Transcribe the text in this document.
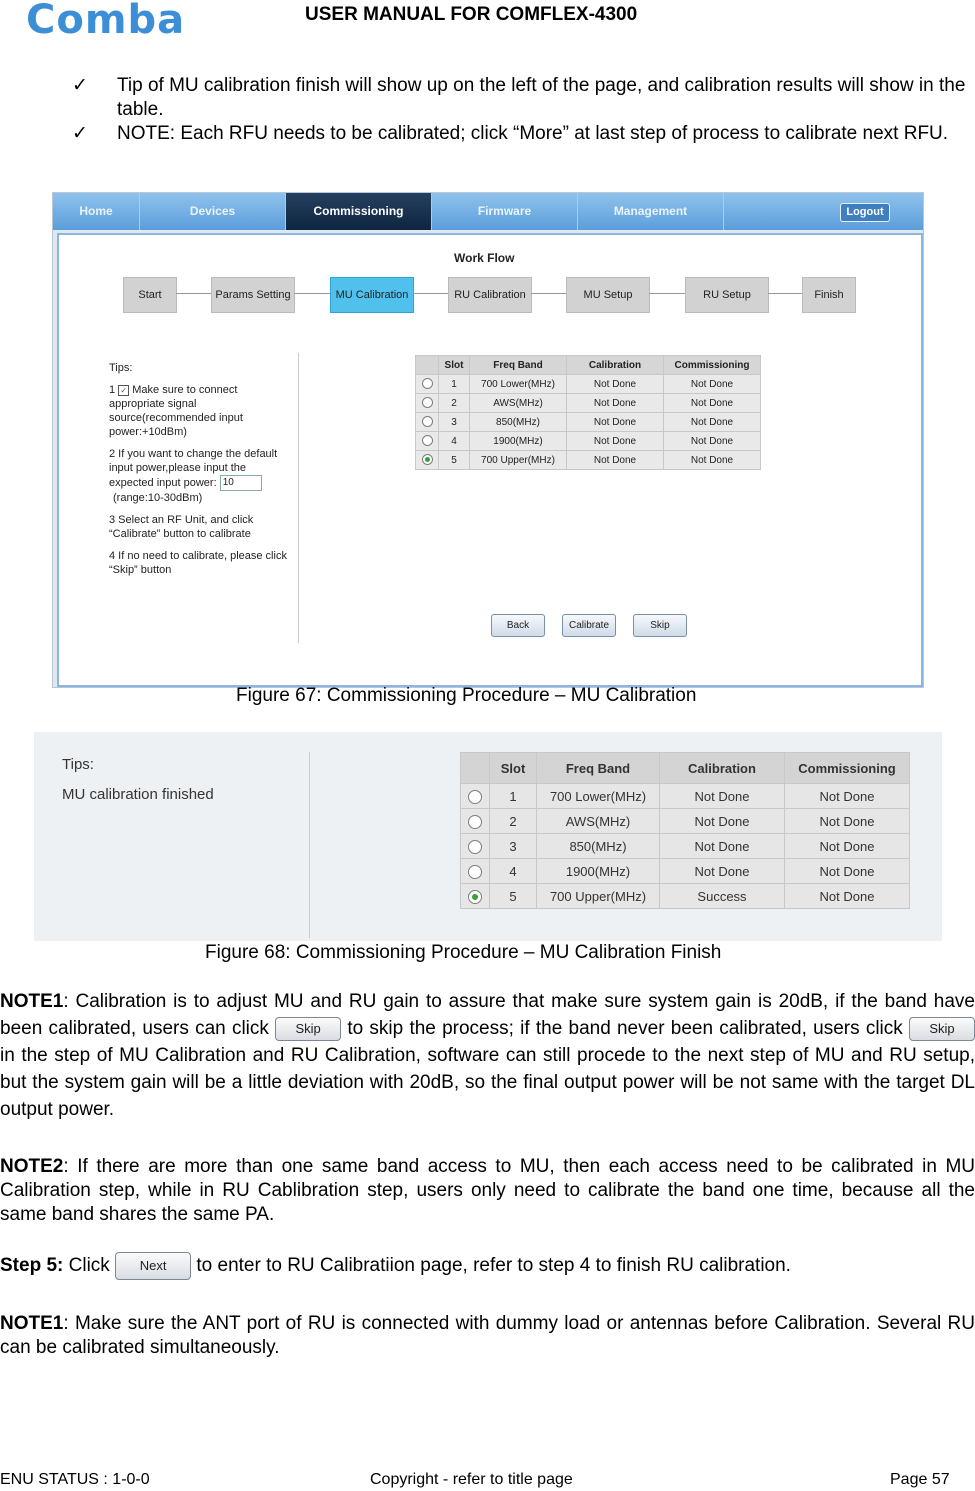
Comba	USER MANUAL FOR COMFLEX-4300
✓ Tip of MU calibration finish will show up on the left of the page, and calibration results will show in the table.
✓ NOTE: Each RFU needs to be calibrated; click “More” at last step of process to calibrate next RFU.
Home	Devices	Commissioning	Firmware	Management	Logout
Work Flow
Start	Params Setting	MU Calibration	RU Calibration	MU Setup	RU Setup	Finish
Tips:
1 ✓ Make sure to connect appropriate signal source(recommended input power:+10dBm)
2 If you want to change the default input power,please input the expected input power: 10
(range:10-30dBm)
3 Select an RF Unit, and click “Calibrate” button to calibrate
4 If no need to calibrate, please click “Skip” button
	Slot	Freq Band	Calibration	Commissioning
	1	700 Lower(MHz)	Not Done	Not Done
	2	AWS(MHz)	Not Done	Not Done
	3	850(MHz)	Not Done	Not Done
	4	1900(MHz)	Not Done	Not Done
	5	700 Upper(MHz)	Not Done	Not Done
Back	Calibrate	Skip
Figure 67: Commissioning Procedure – MU Calibration
Tips:
MU calibration finished
	Slot	Freq Band	Calibration	Commissioning
	1	700 Lower(MHz)	Not Done	Not Done
	2	AWS(MHz)	Not Done	Not Done
	3	850(MHz)	Not Done	Not Done
	4	1900(MHz)	Not Done	Not Done
	5	700 Upper(MHz)	Success	Not Done
Figure 68: Commissioning Procedure – MU Calibration Finish
NOTE1: Calibration is to adjust MU and RU gain to assure that make sure system gain is 20dB, if the band have been calibrated, users can click Skip to skip the process; if the band never been calibrated, users click Skip in the step of MU Calibration and RU Calibration, software can still procede to the next step of MU and RU setup, but the system gain will be a little deviation with 20dB, so the final output power will be not same with the target DL output power.
NOTE2: If there are more than one same band access to MU, then each access need to be calibrated in MU Calibration step, while in RU Cablibration step, users only need to calibrate the band one time, because all the same band shares the same PA.
Step 5: Click Next to enter to RU Calibratiion page, refer to step 4 to finish RU calibration.
NOTE1: Make sure the ANT port of RU is connected with dummy load or antennas before Calibration. Several RU can be calibrated simultaneously.
ENU STATUS : 1-0-0	Copyright - refer to title page	Page 57
